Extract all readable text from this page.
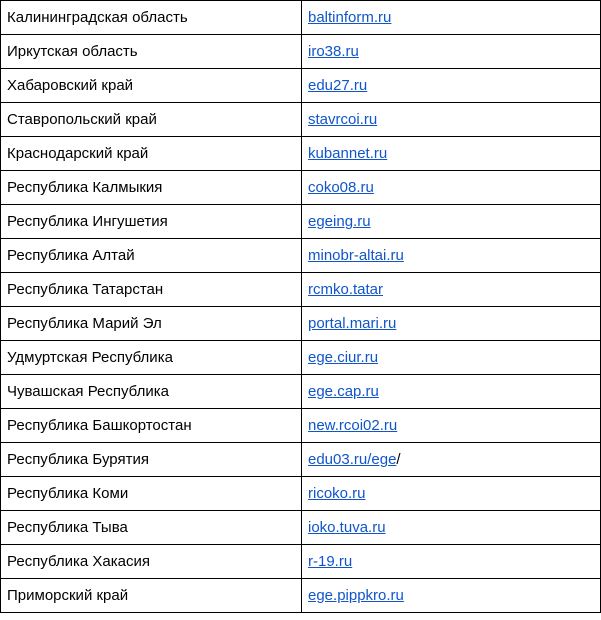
Калининградская область	baltinform.ru
Иркутская область	iro38.ru
Хабаровский край	edu27.ru
Ставропольский край	stavrcoi.ru
Краснодарский край	kubannet.ru
Республика Калмыкия	coko08.ru
Республика Ингушетия	egeing.ru
Республика Алтай	minobr-altai.ru
Республика Татарстан	rcmko.tatar
Республика Марий Эл	portal.mari.ru
Удмуртская Республика	ege.ciur.ru
Чувашская Республика	ege.cap.ru
Республика Башкортостан	new.rcoi02.ru
Республика Бурятия	edu03.ru/ege/
Республика Коми	ricoko.ru
Республика Тыва	ioko.tuva.ru
Республика Хакасия	r-19.ru
Приморский край	ege.pippkro.ru
